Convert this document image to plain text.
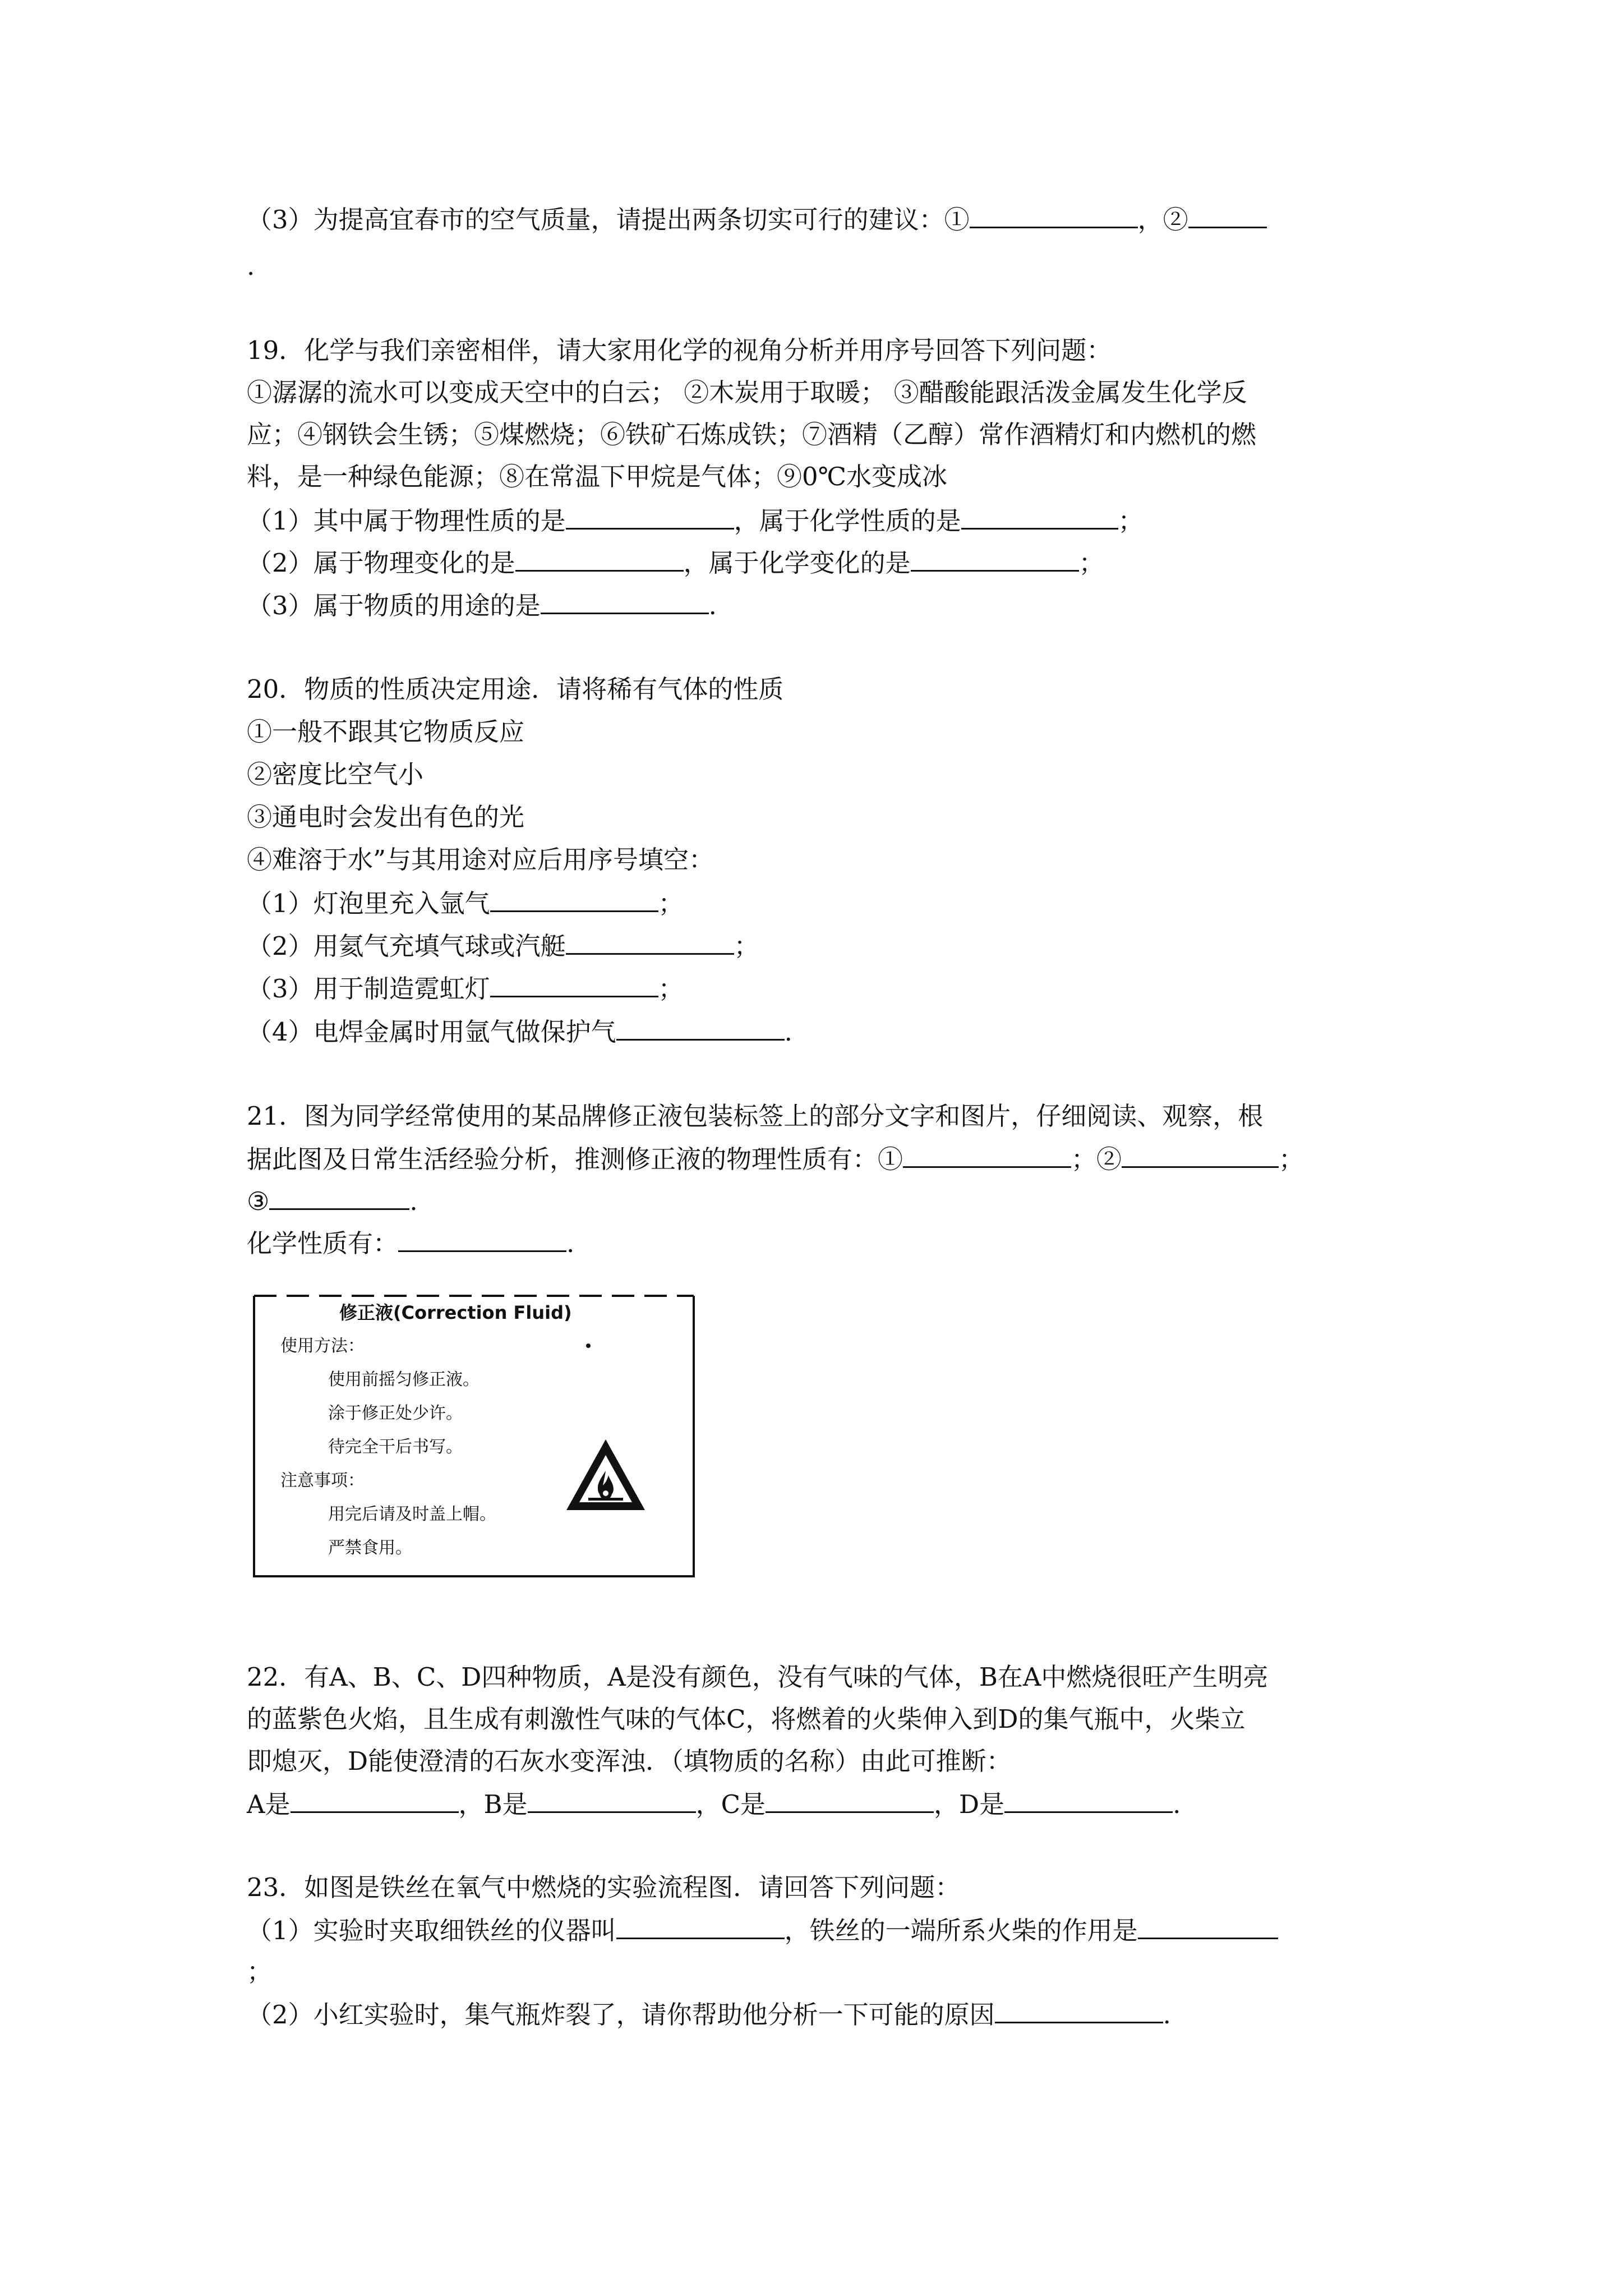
（3）为提高宜春市的空气质量，请提出两条切实可行的建议：①	，②
.
19．化学与我们亲密相伴，请大家用化学的视角分析并用序号回答下列问题：
①潺潺的流水可以变成天空中的白云； ②木炭用于取暖； ③醋酸能跟活泼金属发生化学反
应；④钢铁会生锈；⑤煤燃烧；⑥铁矿石炼成铁；⑦酒精（乙醇）常作酒精灯和内燃机的燃
料，是一种绿色能源；⑧在常温下甲烷是气体；⑨0℃水变成冰
（1）其中属于物理性质的是	，属于化学性质的是	；
（2）属于物理变化的是	，属于化学变化的是	；
（3）属于物质的用途的是	.
20．物质的性质决定用途．请将稀有气体的性质
①一般不跟其它物质反应
②密度比空气小
③通电时会发出有色的光
④难溶于水”与其用途对应后用序号填空：
（1）灯泡里充入氩气	；
（2）用氦气充填气球或汽艇	；
（3）用于制造霓虹灯	；
（4）电焊金属时用氩气做保护气	.
21．图为同学经常使用的某品牌修正液包装标签上的部分文字和图片，仔细阅读、观察，根
据此图及日常生活经验分析，推测修正液的物理性质有：①	；②	；
③	.
化学性质有：	.
修正液(Correction Fluid)
使用方法：
使用前摇匀修正液。
涂于修正处少许。
待完全干后书写。
注意事项：
用完后请及时盖上帽。
严禁食用。
22．有A、B、C、D四种物质，A是没有颜色，没有气味的气体，B在A中燃烧很旺产生明亮
的蓝紫色火焰，且生成有刺激性气味的气体C，将燃着的火柴伸入到D的集气瓶中，火柴立
即熄灭，D能使澄清的石灰水变浑浊．（填物质的名称）由此可推断：
A是	，B是	，C是	，D是	.
23．如图是铁丝在氧气中燃烧的实验流程图．请回答下列问题：
（1）实验时夹取细铁丝的仪器叫	，铁丝的一端所系火柴的作用是
；
（2）小红实验时，集气瓶炸裂了，请你帮助他分析一下可能的原因	.
